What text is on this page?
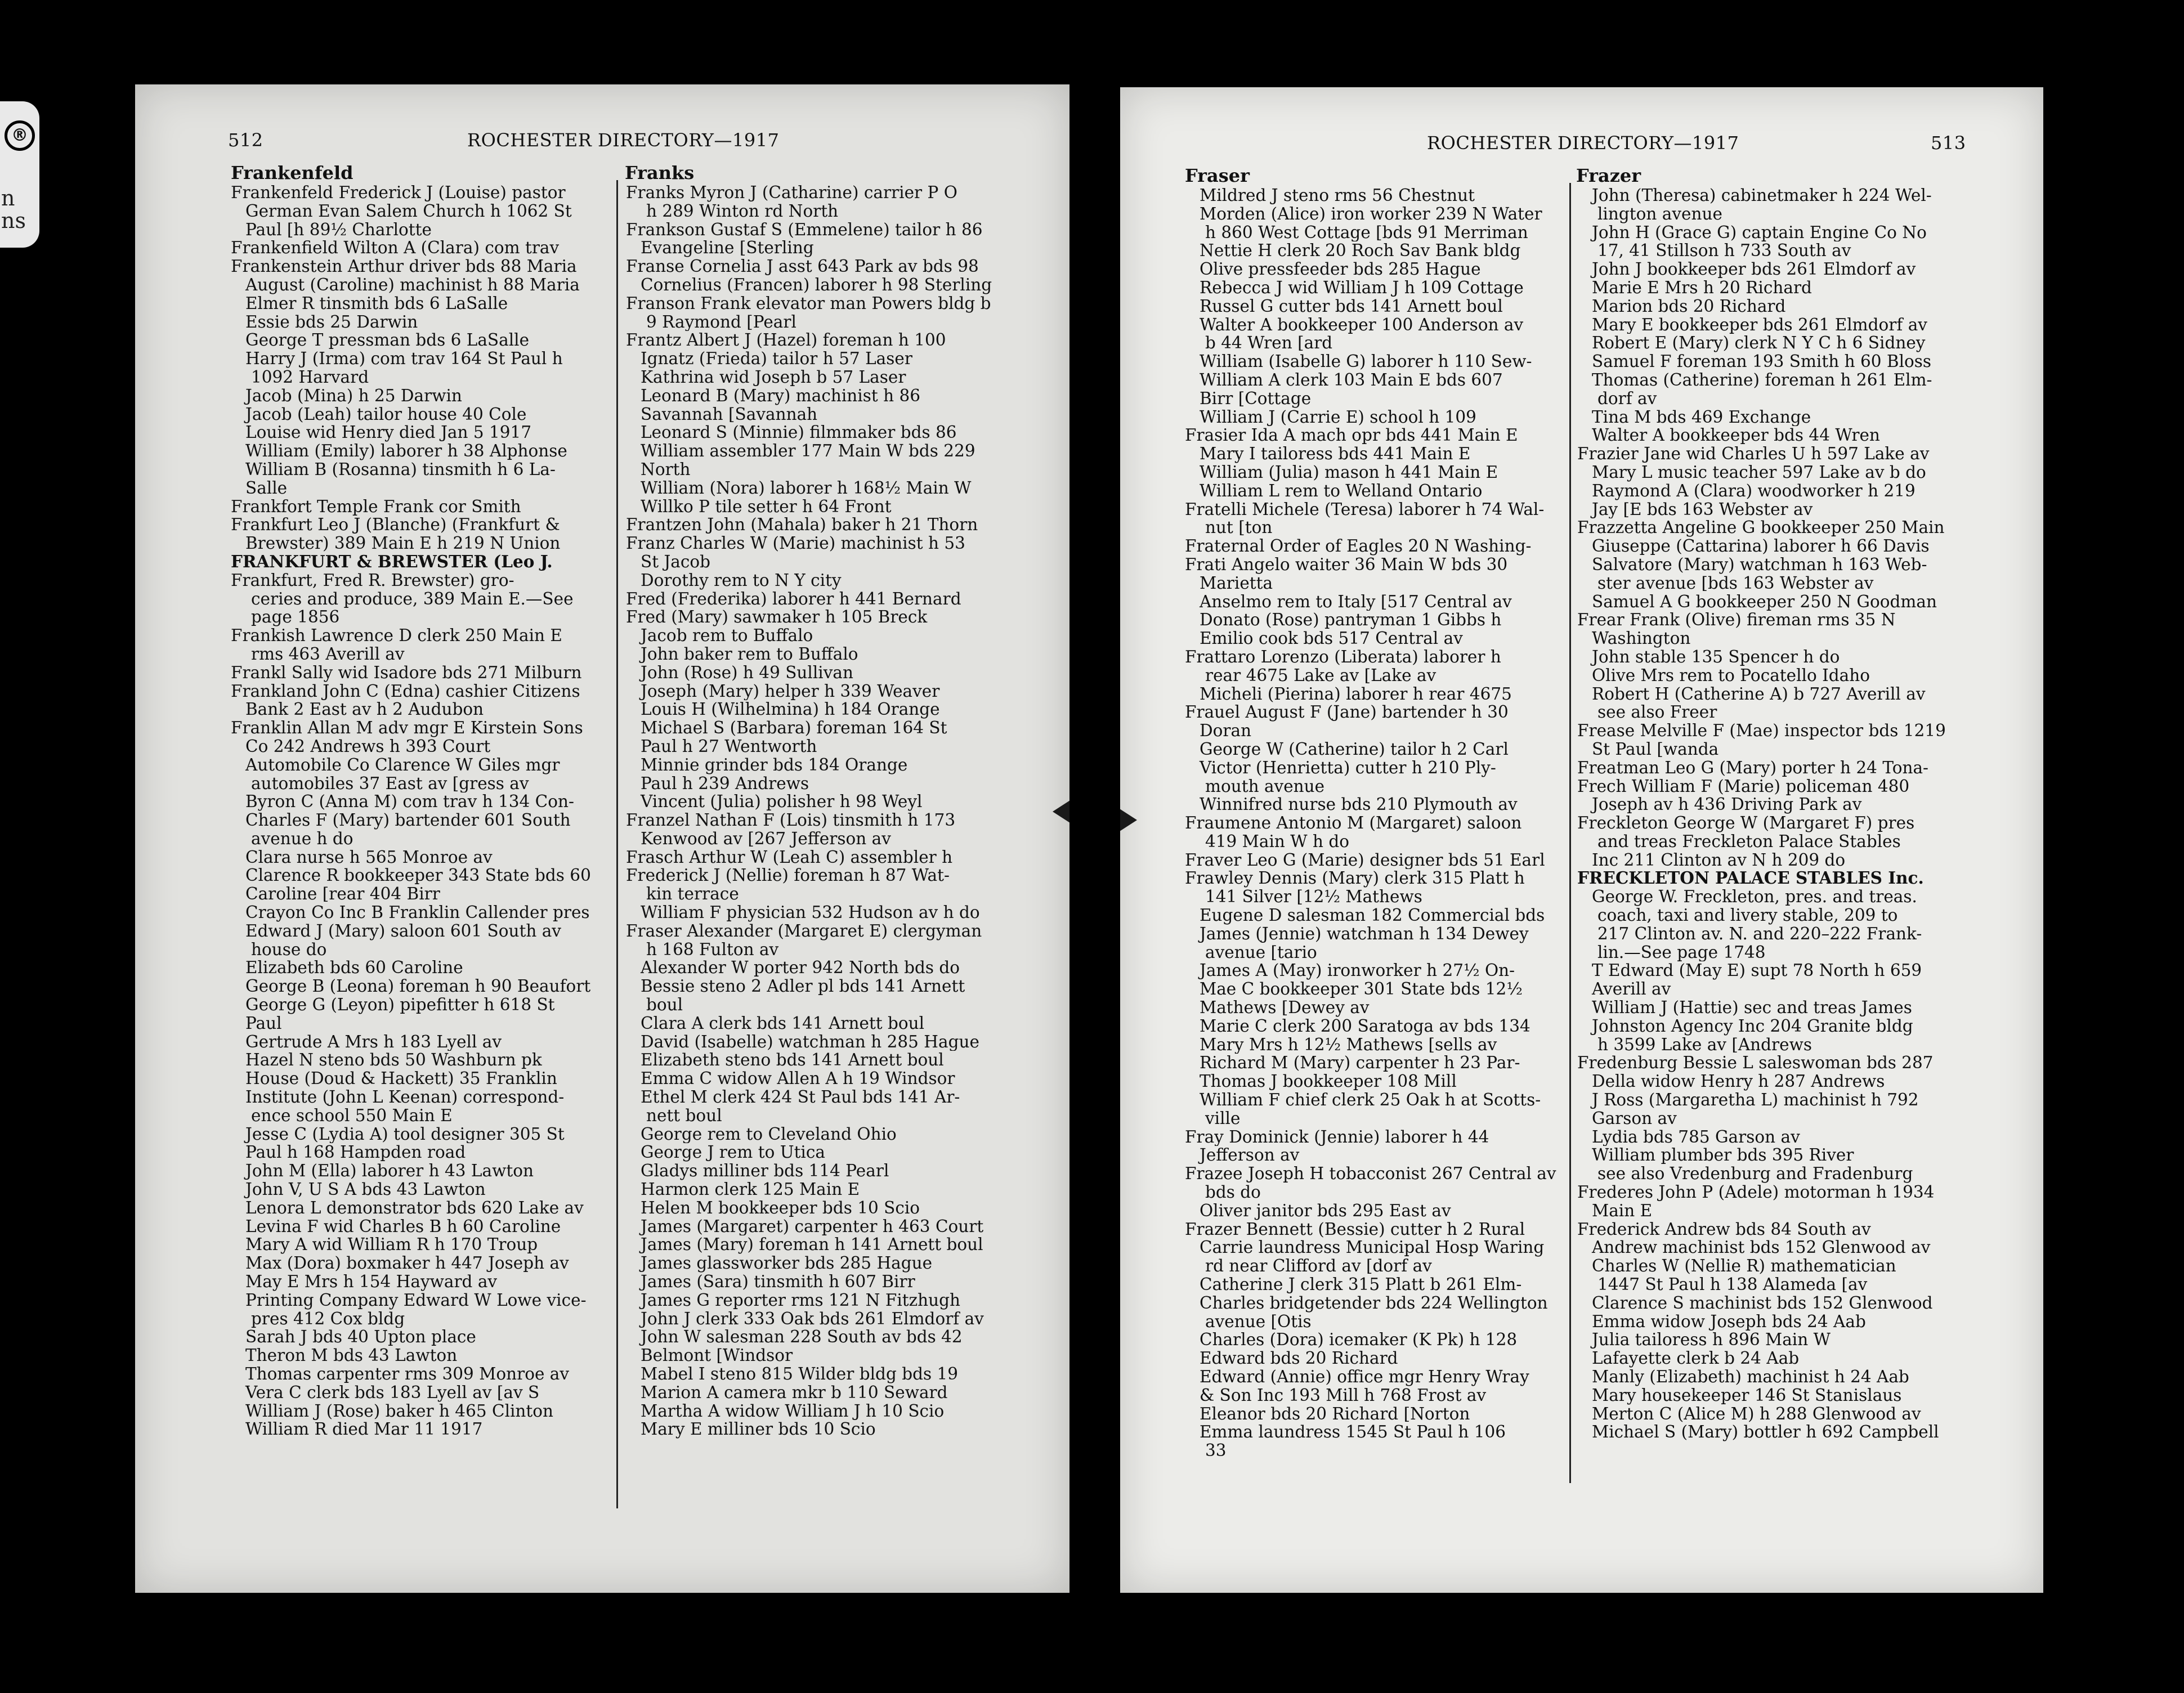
®
n
ns
512	ROCHESTER DIRECTORY—1917
Frankenfeld	Franks
Frankenfeld Frederick J (Louise) pastor
German Evan Salem Church h 1062 St
Paul [h 89½ Charlotte
Frankenfield Wilton A (Clara) com trav
Frankenstein Arthur driver bds 88 Maria
August (Caroline) machinist h 88 Maria
Elmer R tinsmith bds 6 LaSalle
Essie bds 25 Darwin
George T pressman bds 6 LaSalle
Harry J (Irma) com trav 164 St Paul h
1092 Harvard
Jacob (Mina) h 25 Darwin
Jacob (Leah) tailor house 40 Cole
Louise wid Henry died Jan 5 1917
William (Emily) laborer h 38 Alphonse
William B (Rosanna) tinsmith h 6 La-
Salle
Frankfort Temple Frank cor Smith
Frankfurt Leo J (Blanche) (Frankfurt &
Brewster) 389 Main E h 219 N Union
FRANKFURT & BREWSTER (Leo J.
Frankfurt, Fred R. Brewster) gro-
ceries and produce, 389 Main E.—See
page 1856
Frankish Lawrence D clerk 250 Main E
rms 463 Averill av
Frankl Sally wid Isadore bds 271 Milburn
Frankland John C (Edna) cashier Citizens
Bank 2 East av h 2 Audubon
Franklin Allan M adv mgr E Kirstein Sons
Co 242 Andrews h 393 Court
Automobile Co Clarence W Giles mgr
automobiles 37 East av [gress av
Byron C (Anna M) com trav h 134 Con-
Charles F (Mary) bartender 601 South
avenue h do
Clara nurse h 565 Monroe av
Clarence R bookkeeper 343 State bds 60
Caroline [rear 404 Birr
Crayon Co Inc B Franklin Callender pres
Edward J (Mary) saloon 601 South av
house do
Elizabeth bds 60 Caroline
George B (Leona) foreman h 90 Beaufort
George G (Leyon) pipefitter h 618 St
Paul
Gertrude A Mrs h 183 Lyell av
Hazel N steno bds 50 Washburn pk
House (Doud & Hackett) 35 Franklin
Institute (John L Keenan) correspond-
ence school 550 Main E
Jesse C (Lydia A) tool designer 305 St
Paul h 168 Hampden road
John M (Ella) laborer h 43 Lawton
John V, U S A bds 43 Lawton
Lenora L demonstrator bds 620 Lake av
Levina F wid Charles B h 60 Caroline
Mary A wid William R h 170 Troup
Max (Dora) boxmaker h 447 Joseph av
May E Mrs h 154 Hayward av
Printing Company Edward W Lowe vice-
pres 412 Cox bldg
Sarah J bds 40 Upton place
Theron M bds 43 Lawton
Thomas carpenter rms 309 Monroe av
Vera C clerk bds 183 Lyell av [av S
William J (Rose) baker h 465 Clinton
William R died Mar 11 1917
Franks Myron J (Catharine) carrier P O
h 289 Winton rd North
Frankson Gustaf S (Emmelene) tailor h 86
Evangeline [Sterling
Franse Cornelia J asst 643 Park av bds 98
Cornelius (Francen) laborer h 98 Sterling
Franson Frank elevator man Powers bldg b
9 Raymond [Pearl
Frantz Albert J (Hazel) foreman h 100
Ignatz (Frieda) tailor h 57 Laser
Kathrina wid Joseph b 57 Laser
Leonard B (Mary) machinist h 86
Savannah [Savannah
Leonard S (Minnie) filmmaker bds 86
William assembler 177 Main W bds 229
North
William (Nora) laborer h 168½ Main W
Willko P tile setter h 64 Front
Frantzen John (Mahala) baker h 21 Thorn
Franz Charles W (Marie) machinist h 53
St Jacob
Dorothy rem to N Y city
Fred (Frederika) laborer h 441 Bernard
Fred (Mary) sawmaker h 105 Breck
Jacob rem to Buffalo
John baker rem to Buffalo
John (Rose) h 49 Sullivan
Joseph (Mary) helper h 339 Weaver
Louis H (Wilhelmina) h 184 Orange
Michael S (Barbara) foreman 164 St
Paul h 27 Wentworth
Minnie grinder bds 184 Orange
Paul h 239 Andrews
Vincent (Julia) polisher h 98 Weyl
Franzel Nathan F (Lois) tinsmith h 173
Kenwood av [267 Jefferson av
Frasch Arthur W (Leah C) assembler h
Frederick J (Nellie) foreman h 87 Wat-
kin terrace
William F physician 532 Hudson av h do
Fraser Alexander (Margaret E) clergyman
h 168 Fulton av
Alexander W porter 942 North bds do
Bessie steno 2 Adler pl bds 141 Arnett
boul
Clara A clerk bds 141 Arnett boul
David (Isabelle) watchman h 285 Hague
Elizabeth steno bds 141 Arnett boul
Emma C widow Allen A h 19 Windsor
Ethel M clerk 424 St Paul bds 141 Ar-
nett boul
George rem to Cleveland Ohio
George J rem to Utica
Gladys milliner bds 114 Pearl
Harmon clerk 125 Main E
Helen M bookkeeper bds 10 Scio
James (Margaret) carpenter h 463 Court
James (Mary) foreman h 141 Arnett boul
James glassworker bds 285 Hague
James (Sara) tinsmith h 607 Birr
James G reporter rms 121 N Fitzhugh
John J clerk 333 Oak bds 261 Elmdorf av
John W salesman 228 South av bds 42
Belmont [Windsor
Mabel I steno 815 Wilder bldg bds 19
Marion A camera mkr b 110 Seward
Martha A widow William J h 10 Scio
Mary E milliner bds 10 Scio
ROCHESTER DIRECTORY—1917	513
Fraser	Frazer
Mildred J steno rms 56 Chestnut
Morden (Alice) iron worker 239 N Water
h 860 West Cottage [bds 91 Merriman
Nettie H clerk 20 Roch Sav Bank bldg
Olive pressfeeder bds 285 Hague
Rebecca J wid William J h 109 Cottage
Russel G cutter bds 141 Arnett boul
Walter A bookkeeper 100 Anderson av
b 44 Wren [ard
William (Isabelle G) laborer h 110 Sew-
William A clerk 103 Main E bds 607
Birr [Cottage
William J (Carrie E) school h 109
Frasier Ida A mach opr bds 441 Main E
Mary I tailoress bds 441 Main E
William (Julia) mason h 441 Main E
William L rem to Welland Ontario
Fratelli Michele (Teresa) laborer h 74 Wal-
nut [ton
Fraternal Order of Eagles 20 N Washing-
Frati Angelo waiter 36 Main W bds 30
Marietta
Anselmo rem to Italy [517 Central av
Donato (Rose) pantryman 1 Gibbs h
Emilio cook bds 517 Central av
Frattaro Lorenzo (Liberata) laborer h
rear 4675 Lake av [Lake av
Micheli (Pierina) laborer h rear 4675
Frauel August F (Jane) bartender h 30
Doran
George W (Catherine) tailor h 2 Carl
Victor (Henrietta) cutter h 210 Ply-
mouth avenue
Winnifred nurse bds 210 Plymouth av
Fraumene Antonio M (Margaret) saloon
419 Main W h do
Fraver Leo G (Marie) designer bds 51 Earl
Frawley Dennis (Mary) clerk 315 Platt h
141 Silver [12½ Mathews
Eugene D salesman 182 Commercial bds
James (Jennie) watchman h 134 Dewey
avenue [tario
James A (May) ironworker h 27½ On-
Mae C bookkeeper 301 State bds 12½
Mathews [Dewey av
Marie C clerk 200 Saratoga av bds 134
Mary Mrs h 12½ Mathews [sells av
Richard M (Mary) carpenter h 23 Par-
Thomas J bookkeeper 108 Mill
William F chief clerk 25 Oak h at Scotts-
ville
Fray Dominick (Jennie) laborer h 44
Jefferson av
Frazee Joseph H tobacconist 267 Central av
bds do
Oliver janitor bds 295 East av
Frazer Bennett (Bessie) cutter h 2 Rural
Carrie laundress Municipal Hosp Waring
rd near Clifford av [dorf av
Catherine J clerk 315 Platt b 261 Elm-
Charles bridgetender bds 224 Wellington
avenue [Otis
Charles (Dora) icemaker (K Pk) h 128
Edward bds 20 Richard
Edward (Annie) office mgr Henry Wray
& Son Inc 193 Mill h 768 Frost av
Eleanor bds 20 Richard [Norton
Emma laundress 1545 St Paul h 106
33
John (Theresa) cabinetmaker h 224 Wel-
lington avenue
John H (Grace G) captain Engine Co No
17, 41 Stillson h 733 South av
John J bookkeeper bds 261 Elmdorf av
Marie E Mrs h 20 Richard
Marion bds 20 Richard
Mary E bookkeeper bds 261 Elmdorf av
Robert E (Mary) clerk N Y C h 6 Sidney
Samuel F foreman 193 Smith h 60 Bloss
Thomas (Catherine) foreman h 261 Elm-
dorf av
Tina M bds 469 Exchange
Walter A bookkeeper bds 44 Wren
Frazier Jane wid Charles U h 597 Lake av
Mary L music teacher 597 Lake av b do
Raymond A (Clara) woodworker h 219
Jay [E bds 163 Webster av
Frazzetta Angeline G bookkeeper 250 Main
Giuseppe (Cattarina) laborer h 66 Davis
Salvatore (Mary) watchman h 163 Web-
ster avenue [bds 163 Webster av
Samuel A G bookkeeper 250 N Goodman
Frear Frank (Olive) fireman rms 35 N
Washington
John stable 135 Spencer h do
Olive Mrs rem to Pocatello Idaho
Robert H (Catherine A) b 727 Averill av
see also Freer
Frease Melville F (Mae) inspector bds 1219
St Paul [wanda
Freatman Leo G (Mary) porter h 24 Tona-
Frech William F (Marie) policeman 480
Joseph av h 436 Driving Park av
Freckleton George W (Margaret F) pres
and treas Freckleton Palace Stables
Inc 211 Clinton av N h 209 do
FRECKLETON PALACE STABLES Inc.
George W. Freckleton, pres. and treas.
coach, taxi and livery stable, 209 to
217 Clinton av. N. and 220–222 Frank-
lin.—See page 1748
T Edward (May E) supt 78 North h 659
Averill av
William J (Hattie) sec and treas James
Johnston Agency Inc 204 Granite bldg
h 3599 Lake av [Andrews
Fredenburg Bessie L saleswoman bds 287
Della widow Henry h 287 Andrews
J Ross (Margaretha L) machinist h 792
Garson av
Lydia bds 785 Garson av
William plumber bds 395 River
see also Vredenburg and Fradenburg
Frederes John P (Adele) motorman h 1934
Main E
Frederick Andrew bds 84 South av
Andrew machinist bds 152 Glenwood av
Charles W (Nellie R) mathematician
1447 St Paul h 138 Alameda [av
Clarence S machinist bds 152 Glenwood
Emma widow Joseph bds 24 Aab
Julia tailoress h 896 Main W
Lafayette clerk b 24 Aab
Manly (Elizabeth) machinist h 24 Aab
Mary housekeeper 146 St Stanislaus
Merton C (Alice M) h 288 Glenwood av
Michael S (Mary) bottler h 692 Campbell
